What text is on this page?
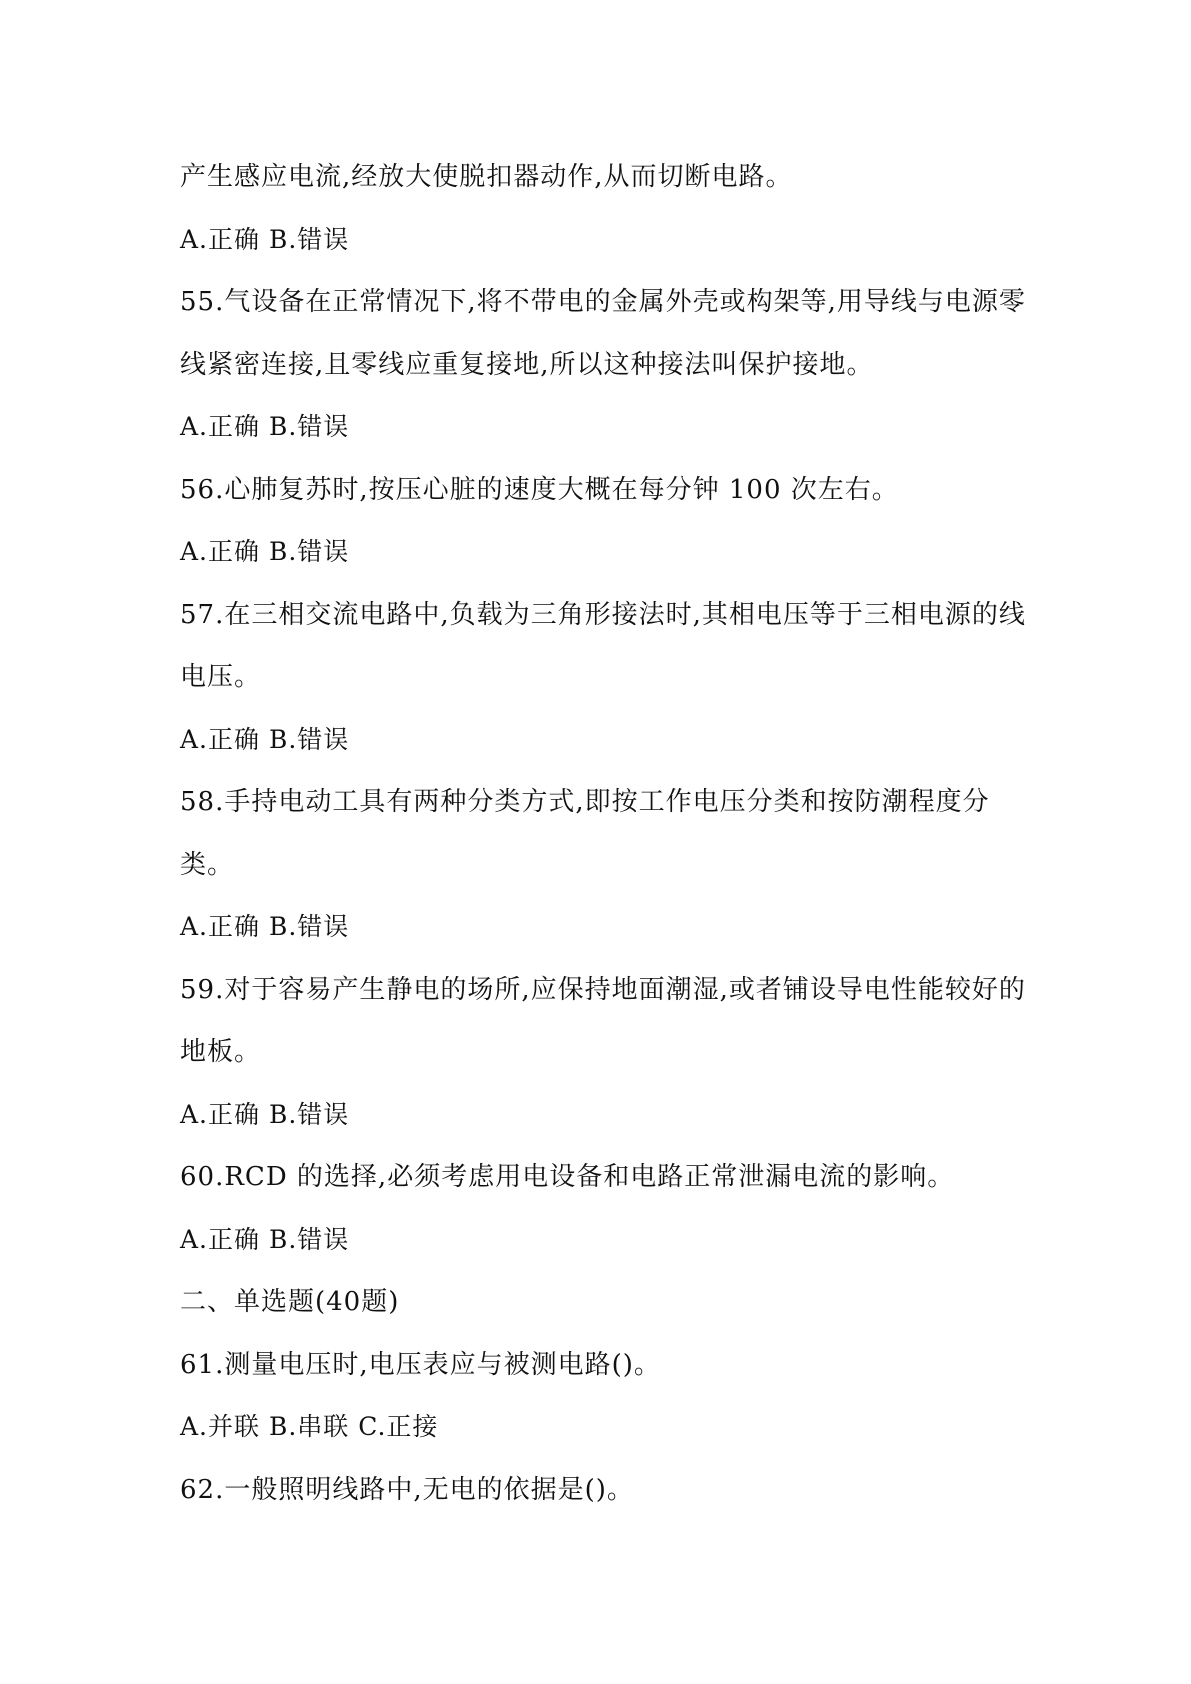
产生感应电流,经放大使脱扣器动作,从而切断电路。
A.正确 B.错误
55.气设备在正常情况下,将不带电的金属外壳或构架等,用导线与电源零
线紧密连接,且零线应重复接地,所以这种接法叫保护接地。
A.正确 B.错误
56.心肺复苏时,按压心脏的速度大概在每分钟 100 次左右。
A.正确 B.错误
57.在三相交流电路中,负载为三角形接法时,其相电压等于三相电源的线
电压。
A.正确 B.错误
58.手持电动工具有两种分类方式,即按工作电压分类和按防潮程度分
类。
A.正确 B.错误
59.对于容易产生静电的场所,应保持地面潮湿,或者铺设导电性能较好的
地板。
A.正确 B.错误
60.RCD 的选择,必须考虑用电设备和电路正常泄漏电流的影响。
A.正确 B.错误
二、单选题(40题)
61.测量电压时,电压表应与被测电路()。
A.并联 B.串联 C.正接
62.一般照明线路中,无电的依据是()。
